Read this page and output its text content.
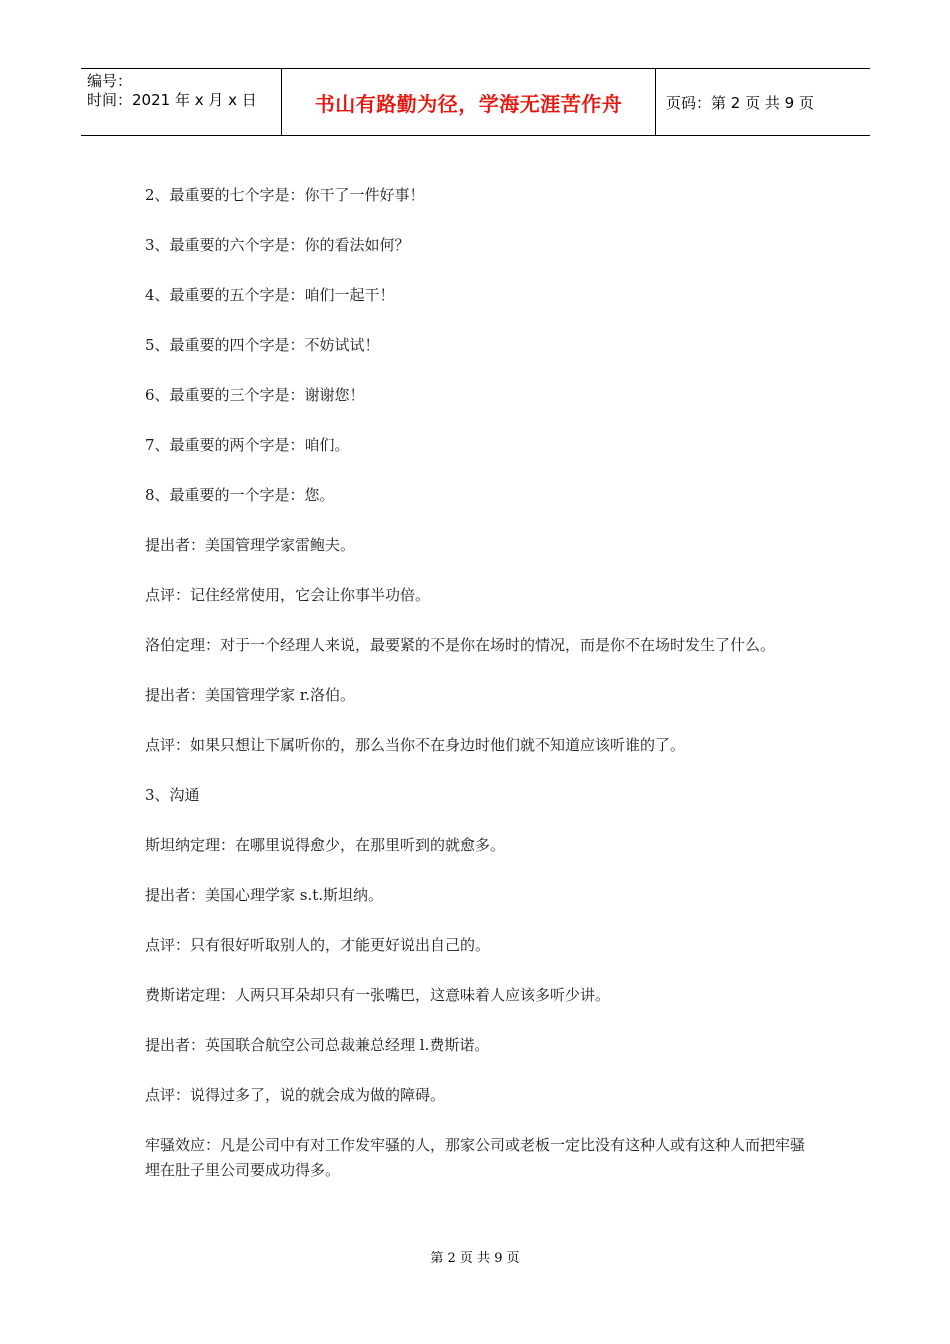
编号：
时间：2021 年 x 月 x 日	书山有路勤为径，学海无涯苦作舟	页码：第 2 页 共 9 页

2、最重要的七个字是：你干了一件好事！

3、最重要的六个字是：你的看法如何？

4、最重要的五个字是：咱们一起干！

5、最重要的四个字是：不妨试试！

6、最重要的三个字是：谢谢您！

7、最重要的两个字是：咱们。

8、最重要的一个字是：您。

提出者：美国管理学家雷鲍夫。

点评：记住经常使用，它会让你事半功倍。

洛伯定理：对于一个经理人来说，最要紧的不是你在场时的情况，而是你不在场时发生了什么。

提出者：美国管理学家 r.洛伯。

点评：如果只想让下属听你的，那么当你不在身边时他们就不知道应该听谁的了。

3、沟通

斯坦纳定理：在哪里说得愈少，在那里听到的就愈多。

提出者：美国心理学家 s.t.斯坦纳。

点评：只有很好听取别人的，才能更好说出自己的。

费斯诺定理：人两只耳朵却只有一张嘴巴，这意味着人应该多听少讲。

提出者：英国联合航空公司总裁兼总经理 l.费斯诺。

点评：说得过多了，说的就会成为做的障碍。

牢骚效应：凡是公司中有对工作发牢骚的人，那家公司或老板一定比没有这种人或有这种人而把牢骚埋在肚子里公司要成功得多。

第 2 页 共 9 页
